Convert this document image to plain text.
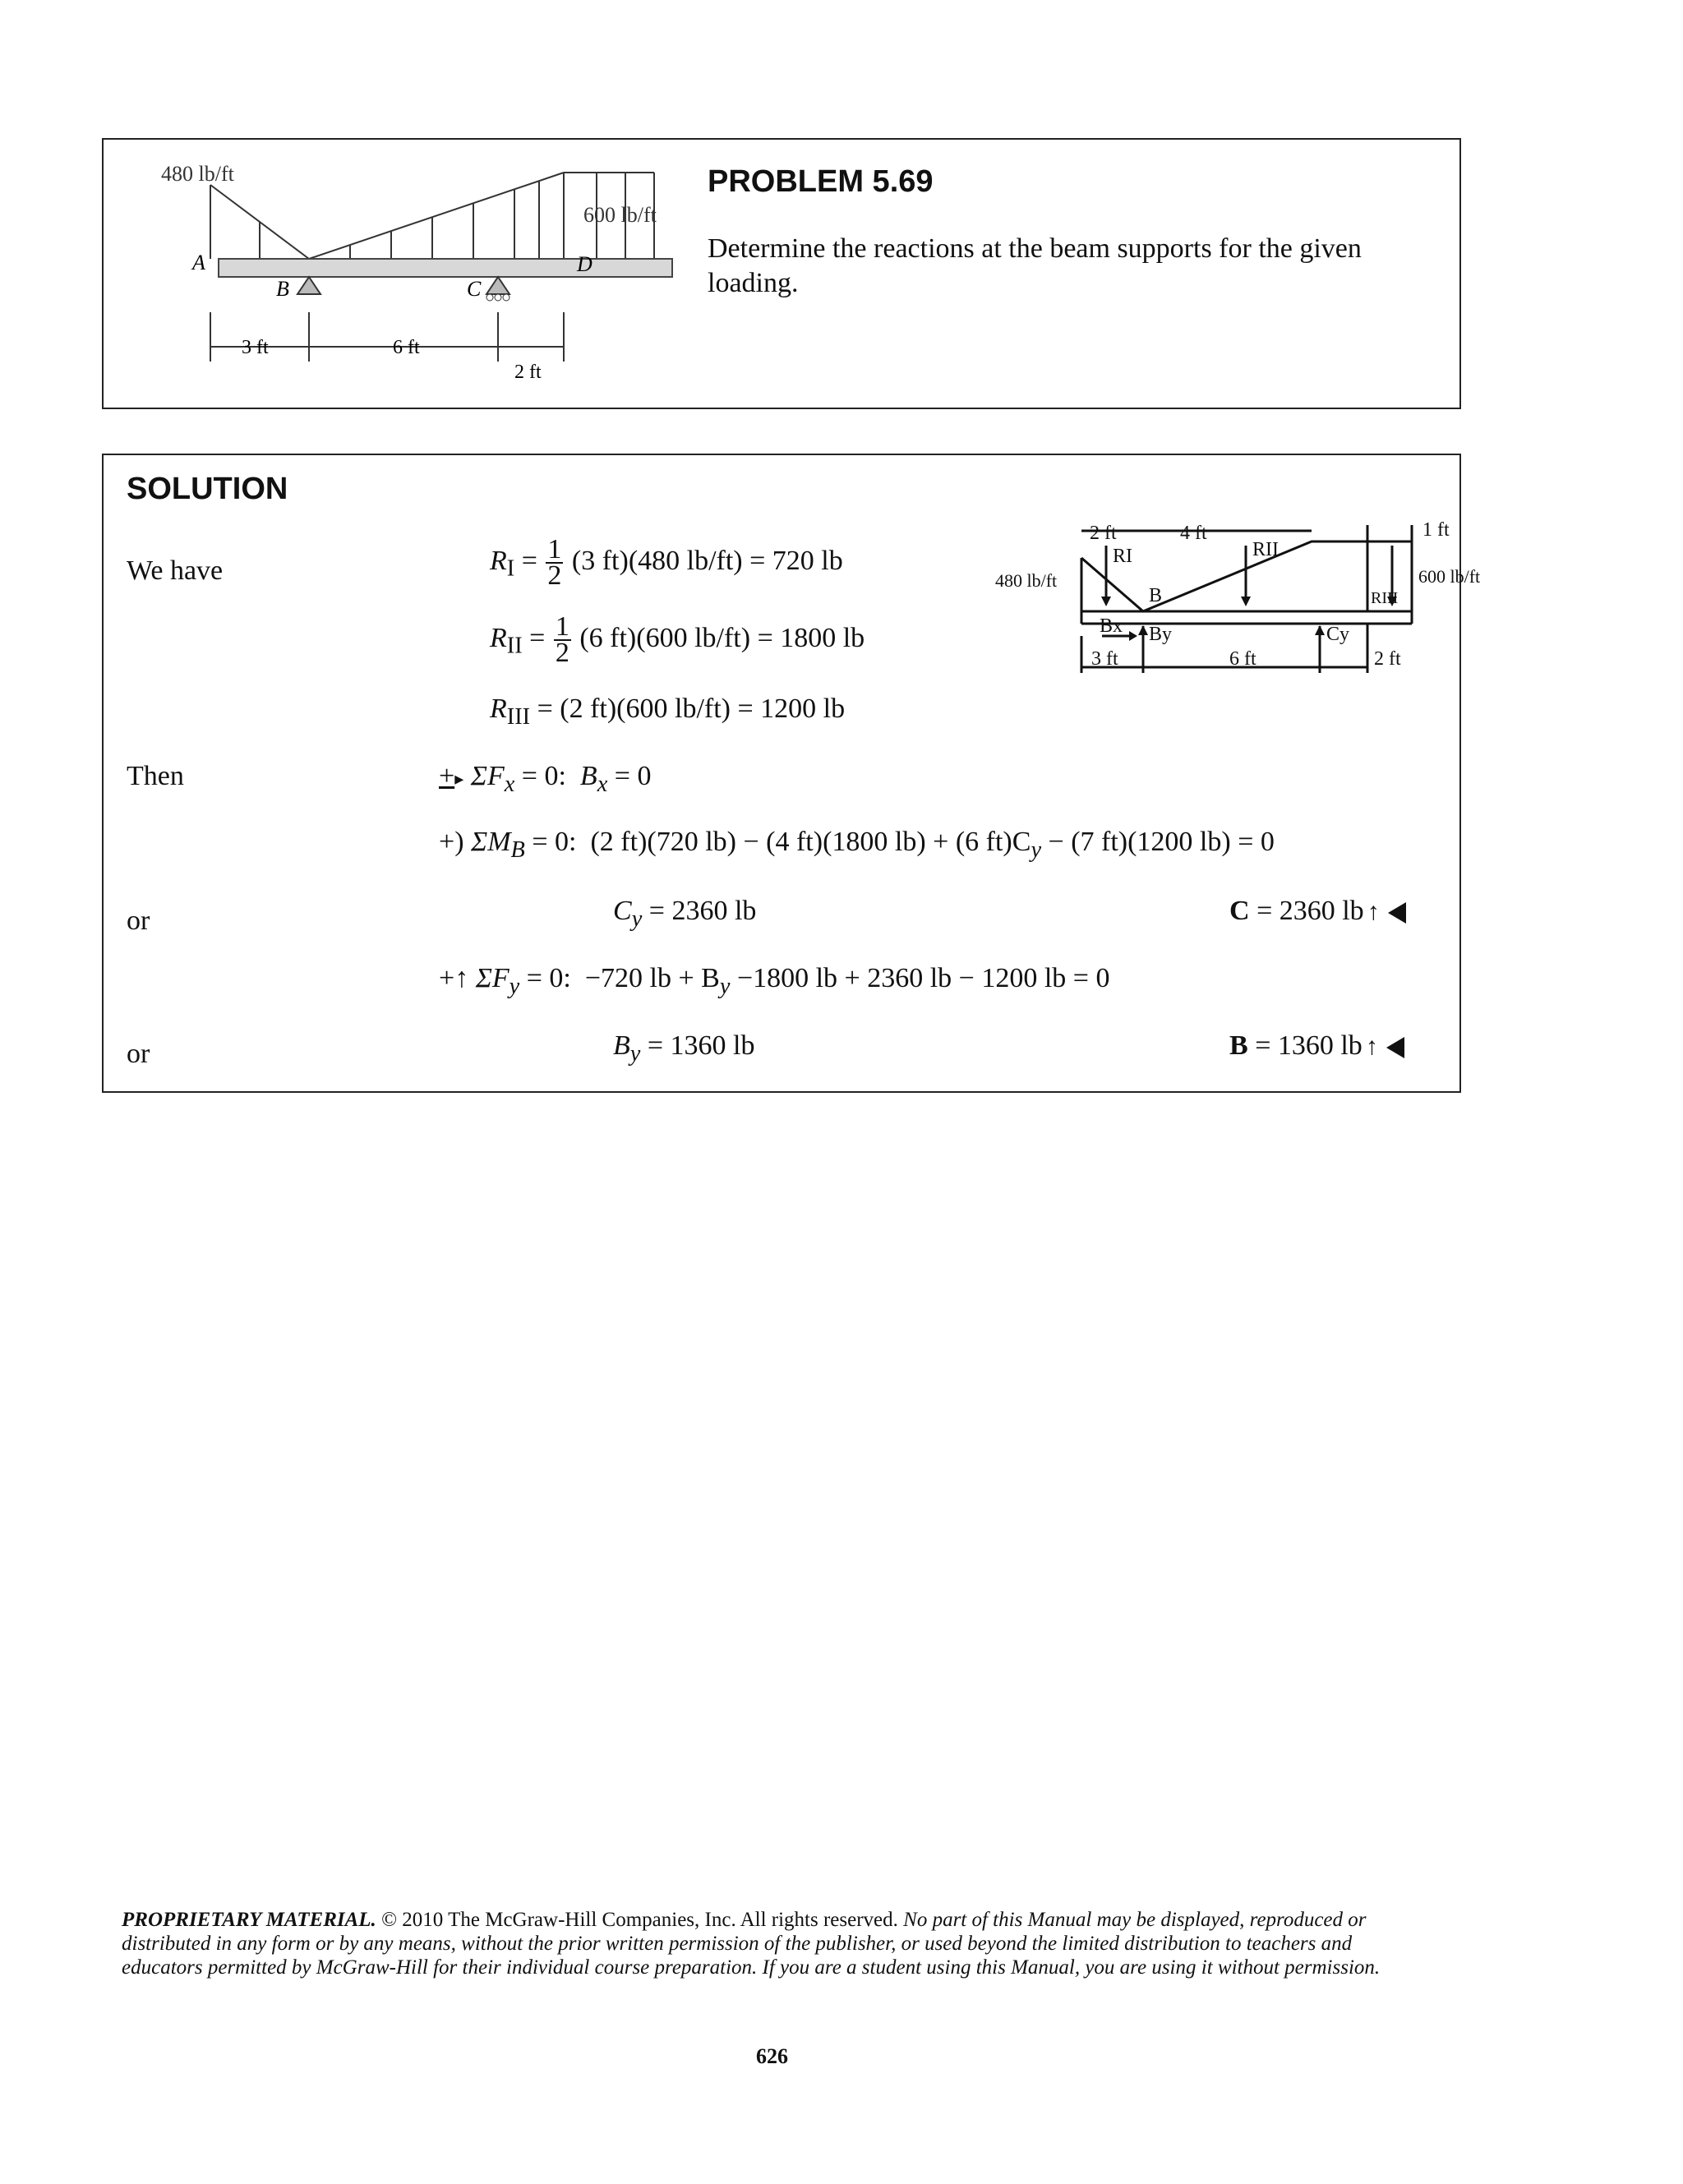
480 lb/ft
600 lb/ft
A
B	C
D
3 ft	6 ft
2 ft
PROBLEM 5.69
Determine the reactions at the beam supports for the given loading.
SOLUTION
We have
Then
or
or
$R_I = \frac{1}{2} (3$ ft)(480 lb/ft) = 720 lb
$R_{II} = \frac{1}{2} (6$ ft)(600 lb/ft) = 1800 lb
$R_{III} = (2$ ft)(600 lb/ft) = 1200 lb
+▸ $\Sigma F_x = 0$: $B_x = 0$
+) $\Sigma M_B = 0$: (2 ft)(720 lb) − (4 ft)(1800 lb) + (6 $ft)C_y - (7$ ft)(1200 lb) = 0
$C_y = 2360$ lb	C = 2360 lb ↑
+↑ $\Sigma F_y = 0$: −720 lb + $B_y -1800$ lb + 2360 lb − 1200 lb = 0
$B_y = 1360$ lb	B = 1360 lb ↑
2 ft	4 ft	1 ft
480 lb/ft	600 lb/ft
RI	RII
RIII
B
Bx By	Cy
3 ft	6 ft	2 ft
PROPRIETARY MATERIAL. © 2010 The McGraw-Hill Companies, Inc. All rights reserved. No part of this Manual may be displayed, reproduced or distributed in any form or by any means, without the prior written permission of the publisher, or used beyond the limited distribution to teachers and educators permitted by McGraw-Hill for their individual course preparation. If you are a student using this Manual, you are using it without permission.
626
